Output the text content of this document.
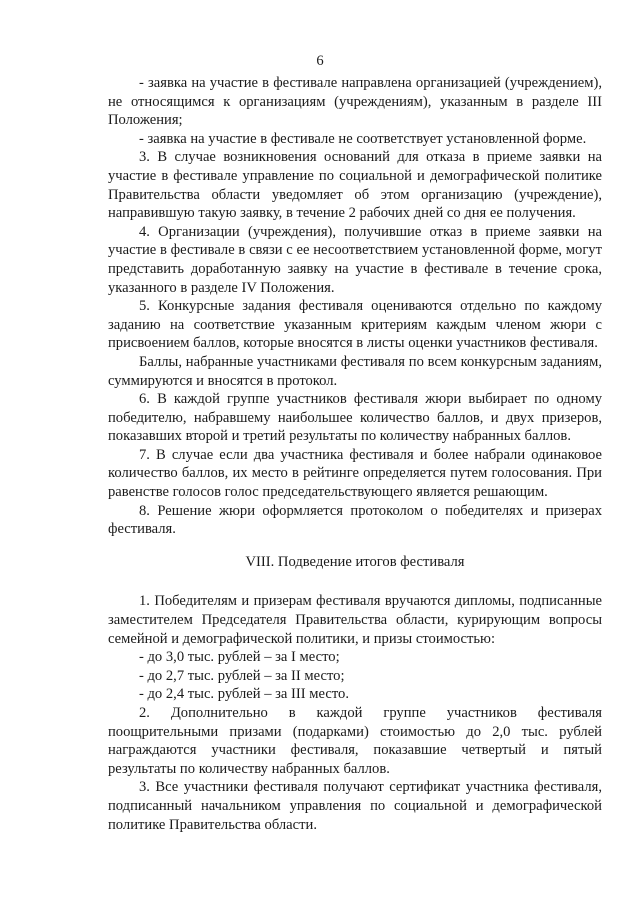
6

- заявка на участие в фестивале направлена организацией (учреждением), не относящимся к организациям (учреждениям), указанным в разделе III Положения;

- заявка на участие в фестивале не соответствует установленной форме.

3. В случае возникновения оснований для отказа в приеме заявки на участие в фестивале управление по социальной и демографической политике Правительства области уведомляет об этом организацию (учреждение), направившую такую заявку, в течение 2 рабочих дней со дня ее получения.

4. Организации (учреждения), получившие отказ в приеме заявки на участие в фестивале в связи с ее несоответствием установленной форме, могут представить доработанную заявку на участие в фестивале в течение срока, указанного в разделе IV Положения.

5. Конкурсные задания фестиваля оцениваются отдельно по каждому заданию на соответствие указанным критериям каждым членом жюри с присвоением баллов, которые вносятся в листы оценки участников фестиваля.

Баллы, набранные участниками фестиваля по всем конкурсным заданиям, суммируются и вносятся в протокол.

6. В каждой группе участников фестиваля жюри выбирает по одному победителю, набравшему наибольшее количество баллов, и двух призеров, показавших второй и третий результаты по количеству набранных баллов.

7. В случае если два участника фестиваля и более набрали одинаковое количество баллов, их место в рейтинге определяется путем голосования. При равенстве голосов голос председательствующего является решающим.

8. Решение жюри оформляется протоколом о победителях и призерах фестиваля.

VIII. Подведение итогов фестиваля

1. Победителям и призерам фестиваля вручаются дипломы, подписанные заместителем Председателя Правительства области, курирующим вопросы семейной и демографической политики, и призы стоимостью:

- до 3,0 тыс. рублей – за I место;

- до 2,7 тыс. рублей – за II место;

- до 2,4 тыс. рублей – за III место.

2. Дополнительно в каждой группе участников фестиваля поощрительными призами (подарками) стоимостью до 2,0 тыс. рублей награждаются участники фестиваля, показавшие четвертый и пятый результаты по количеству набранных баллов.

3. Все участники фестиваля получают сертификат участника фестиваля, подписанный начальником управления по социальной и демографической политике Правительства области.
